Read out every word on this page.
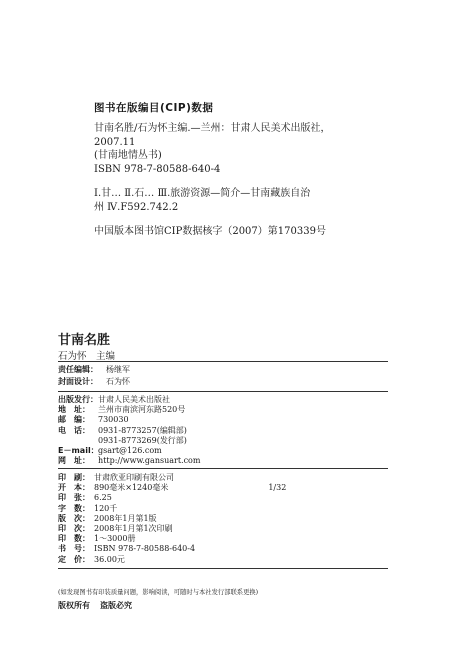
图书在版编目(CIP)数据
甘南名胜/石为怀主编.—兰州：甘肃人民美术出版社，
2007.11
(甘南地情丛书)
ISBN 978-7-80588-640-4
Ⅰ.甘… Ⅱ.石… Ⅲ.旅游资源—简介—甘南藏族自治
州 Ⅳ.F592.742.2
中国版本图书馆CIP数据核字（2007）第170339号
甘南名胜
石为怀　主编
责任编辑：	杨继军
封面设计：	石为怀
出版发行： 甘肃人民美术出版社
地　址：	兰州市南滨河东路520号
邮　编：	730030
电　话：	0931-8773257(编辑部)
0931-8773269(发行部)
E－mail： gsart@126.com
网　址：	http://www.gansuart.com
印　刷： 甘肃欣亚印刷有限公司
开　本： 890毫米×1240毫米	1/32
印　张： 6.25
字　数： 120千
版　次： 2008年1月第1版
印　次： 2008年1月第1次印刷
印　数： 1～3000册
书　号： ISBN 978-7-80588-640-4
定　价： 36.00元
(如发现图书有印装质量问题，影响阅读，可随时与本社发行部联系更换)
版权所有 盗版必究
